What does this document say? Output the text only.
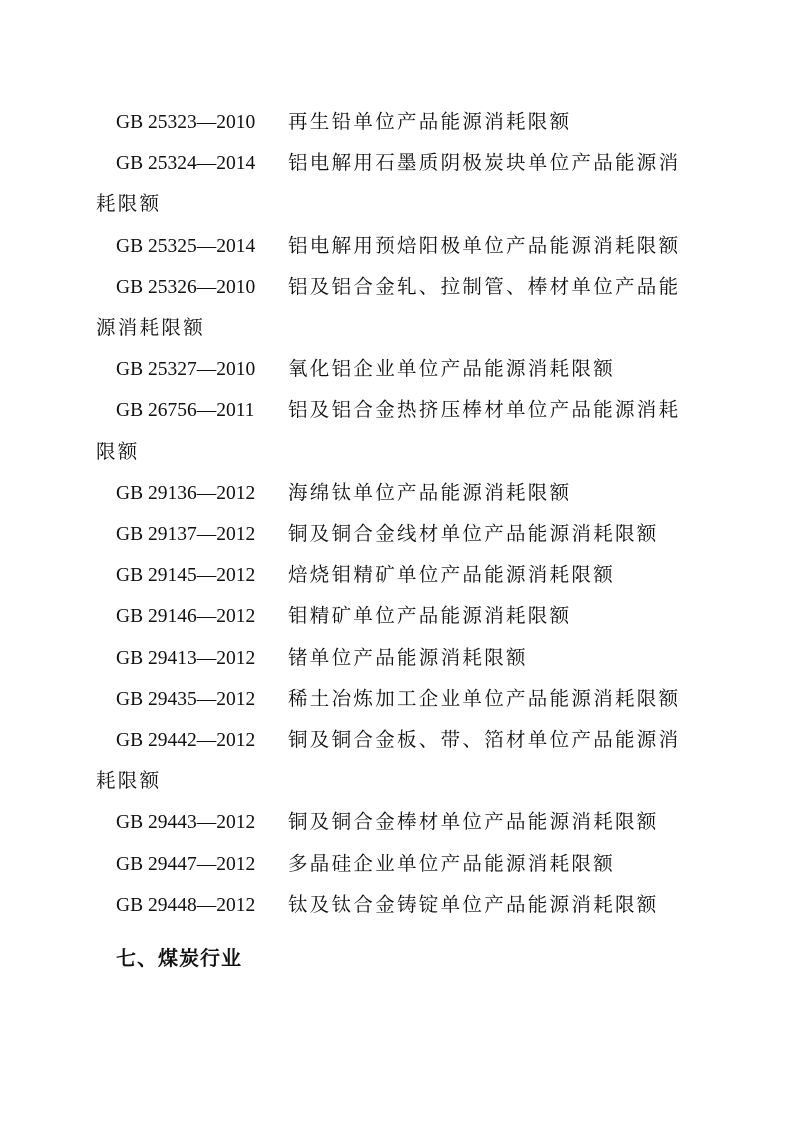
GB 25323—2010 再生铅单位产品能源消耗限额

GB 25324—2014 铝电解用石墨质阴极炭块单位产品能源消耗限额

GB 25325—2014 铝电解用预焙阳极单位产品能源消耗限额

GB 25326—2010 铝及铝合金轧、拉制管、棒材单位产品能源消耗限额

GB 25327—2010 氧化铝企业单位产品能源消耗限额

GB 26756—2011 铝及铝合金热挤压棒材单位产品能源消耗限额

GB 29136—2012 海绵钛单位产品能源消耗限额

GB 29137—2012 铜及铜合金线材单位产品能源消耗限额

GB 29145—2012 焙烧钼精矿单位产品能源消耗限额

GB 29146—2012 钼精矿单位产品能源消耗限额

GB 29413—2012 锗单位产品能源消耗限额

GB 29435—2012 稀土冶炼加工企业单位产品能源消耗限额

GB 29442—2012 铜及铜合金板、带、箔材单位产品能源消耗限额

GB 29443—2012 铜及铜合金棒材单位产品能源消耗限额

GB 29447—2012 多晶硅企业单位产品能源消耗限额

GB 29448—2012 钛及钛合金铸锭单位产品能源消耗限额

七、煤炭行业
